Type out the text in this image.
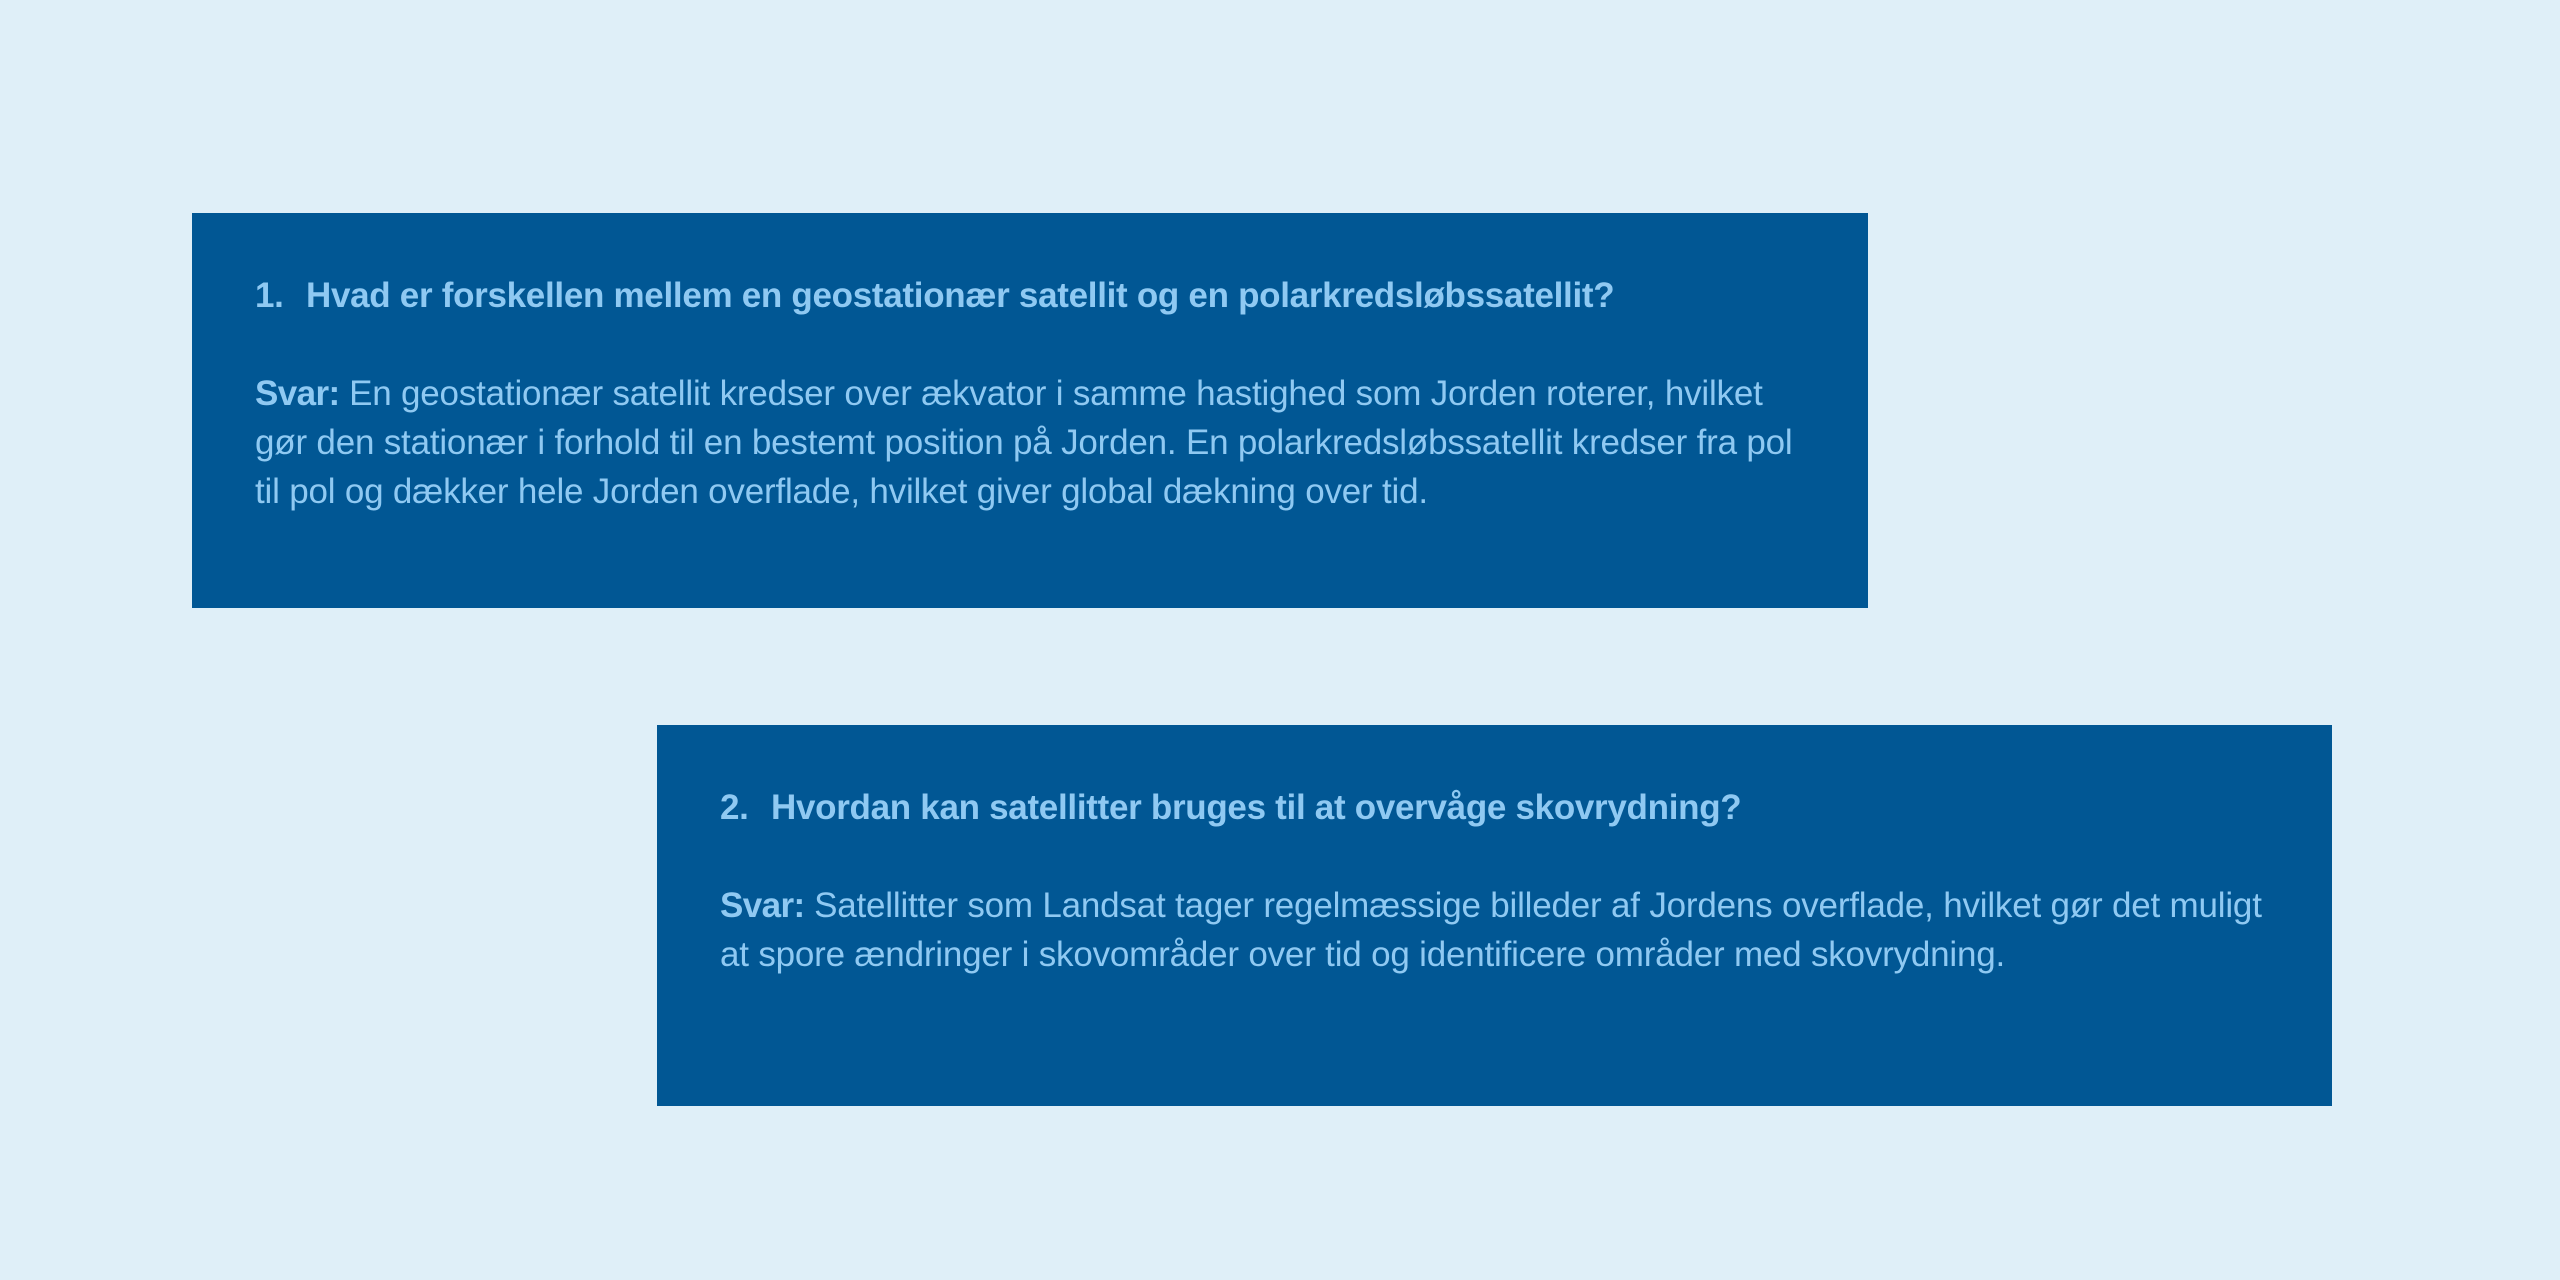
1. Hvad er forskellen mellem en geostationær satellit og en polarkredsløbssatellit?

Svar: En geostationær satellit kredser over ækvator i samme hastighed som Jorden roterer, hvilket gør den stationær i forhold til en bestemt position på Jorden. En polarkredsløbssatellit kredser fra pol til pol og dækker hele Jorden overflade, hvilket giver global dækning over tid.

2. Hvordan kan satellitter bruges til at overvåge skovrydning?

Svar: Satellitter som Landsat tager regelmæssige billeder af Jordens overflade, hvilket gør det muligt at spore ændringer i skovområder over tid og identificere områder med skovrydning.
